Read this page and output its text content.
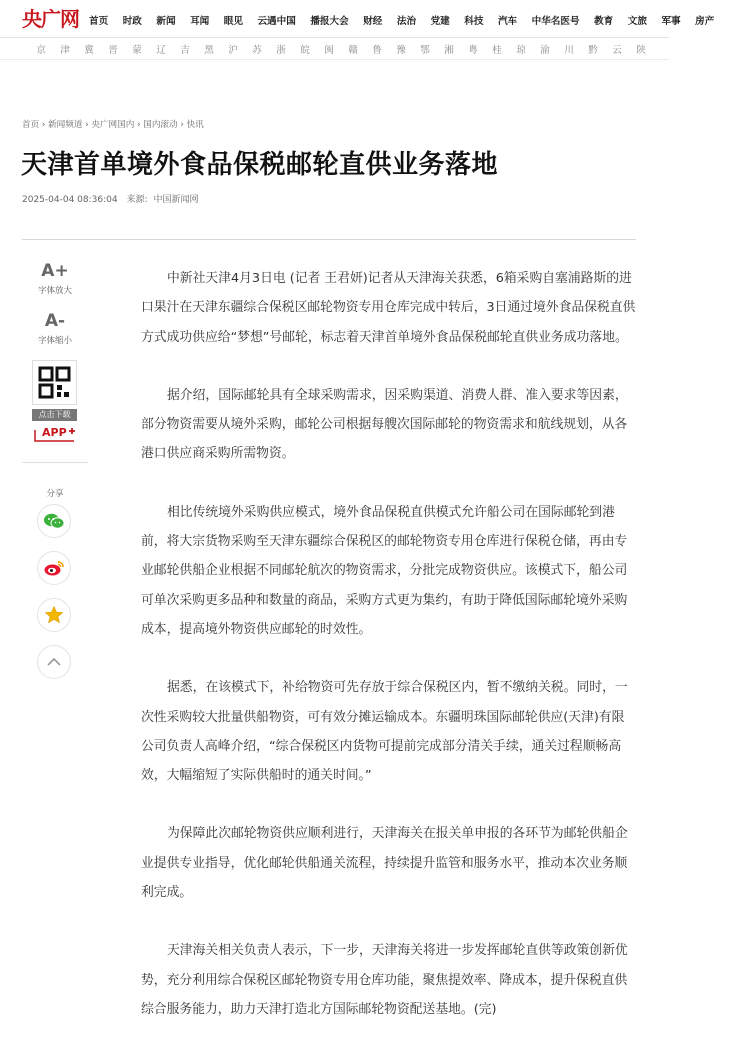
央广网 首页 时政 新闻 耳闻 眼见 云遇中国 播报大会 财经 法治 党建 科技 汽车 中华名医号 教育 文旅 军事 房产
京	津	冀	晋	蒙	辽	吉	黑	沪	苏	浙	皖	闽	赣	鲁	豫	鄂	湘	粤	桂	琼	渝	川	黔	云	陕
首页 › 新闻频道 › 央广网国内 › 国内滚动 › 快讯
天津首单境外食品保税邮轮直供业务落地
2025-04-04 08:36:04 来源: 中国新闻网
A+
字体放大
A-
字体缩小
点击下载
APP
分享

中新社天津4月3日电 (记者 王君妍)记者从天津海关获悉，6箱采购自塞浦路斯的进口果汁在天津东疆综合保税区邮轮物资专用仓库完成中转后，3日通过境外食品保税直供方式成功供应给“梦想”号邮轮，标志着天津首单境外食品保税邮轮直供业务成功落地。

据介绍，国际邮轮具有全球采购需求，因采购渠道、消费人群、准入要求等因素，部分物资需要从境外采购，邮轮公司根据每艘次国际邮轮的物资需求和航线规划，从各港口供应商采购所需物资。

相比传统境外采购供应模式，境外食品保税直供模式允许船公司在国际邮轮到港前，将大宗货物采购至天津东疆综合保税区的邮轮物资专用仓库进行保税仓储，再由专业邮轮供船企业根据不同邮轮航次的物资需求，分批完成物资供应。该模式下，船公司可单次采购更多品种和数量的商品，采购方式更为集约，有助于降低国际邮轮境外采购成本，提高境外物资供应邮轮的时效性。

据悉，在该模式下，补给物资可先存放于综合保税区内，暂不缴纳关税。同时，一次性采购较大批量供船物资，可有效分摊运输成本。东疆明珠国际邮轮供应(天津)有限公司负责人高峰介绍，“综合保税区内货物可提前完成部分清关手续，通关过程顺畅高效，大幅缩短了实际供船时的通关时间。”

为保障此次邮轮物资供应顺利进行，天津海关在报关单申报的各环节为邮轮供船企业提供专业指导，优化邮轮供船通关流程，持续提升监管和服务水平，推动本次业务顺利完成。

天津海关相关负责人表示，下一步，天津海关将进一步发挥邮轮直供等政策创新优势，充分利用综合保税区邮轮物资专用仓库功能，聚焦提效率、降成本，提升保税直供综合服务能力，助力天津打造北方国际邮轮物资配送基地。(完)
